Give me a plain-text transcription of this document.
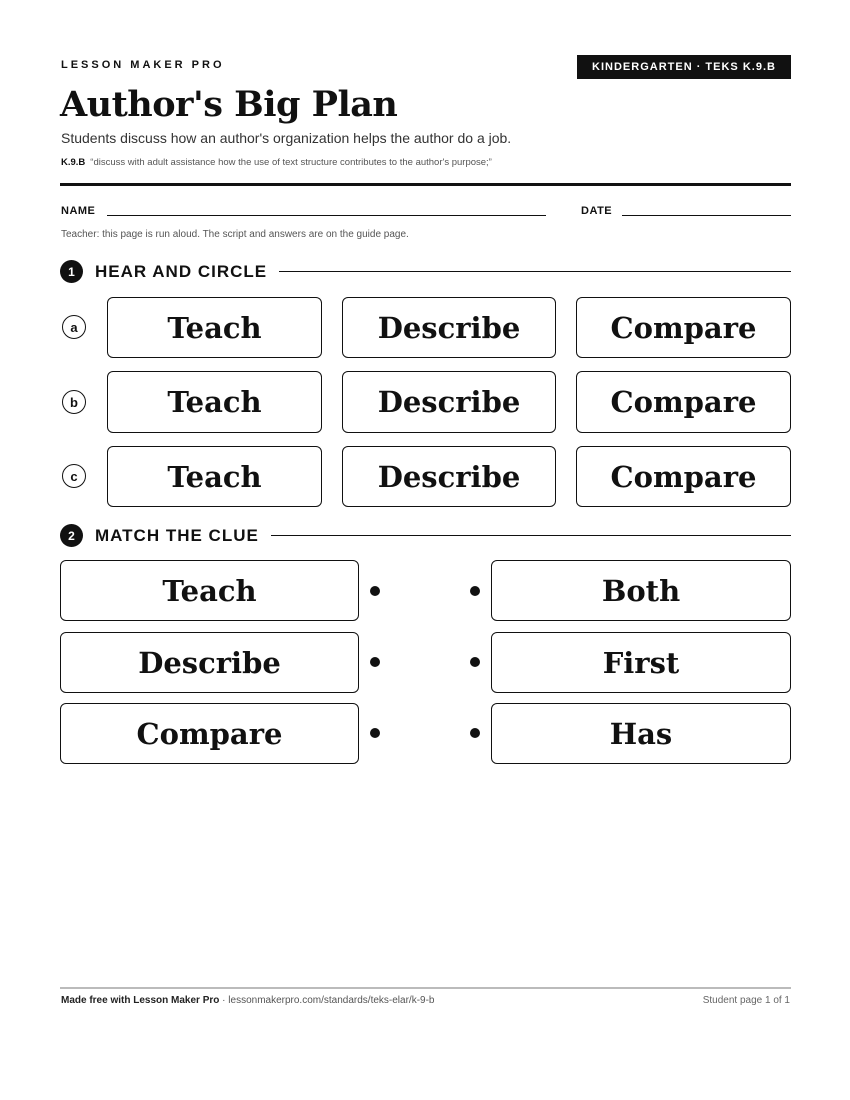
LESSON MAKER PRO	KINDERGARTEN · TEKS K.9.B
Author's Big Plan
Students discuss how an author's organization helps the author do a job.
K.9.B “discuss with adult assistance how the use of text structure contributes to the author's purpose;”
NAME	DATE
Teacher: this page is run aloud. The script and answers are on the guide page.
1	HEAR AND CIRCLE
a	Teach	Describe	Compare
b	Teach	Describe	Compare
c	Teach	Describe	Compare
2	MATCH THE CLUE
Teach	Both
Describe	First
Compare	Has
Made free with Lesson Maker Pro · lessonmakerpro.com/standards/teks-elar/k-9-b	Student page 1 of 1
